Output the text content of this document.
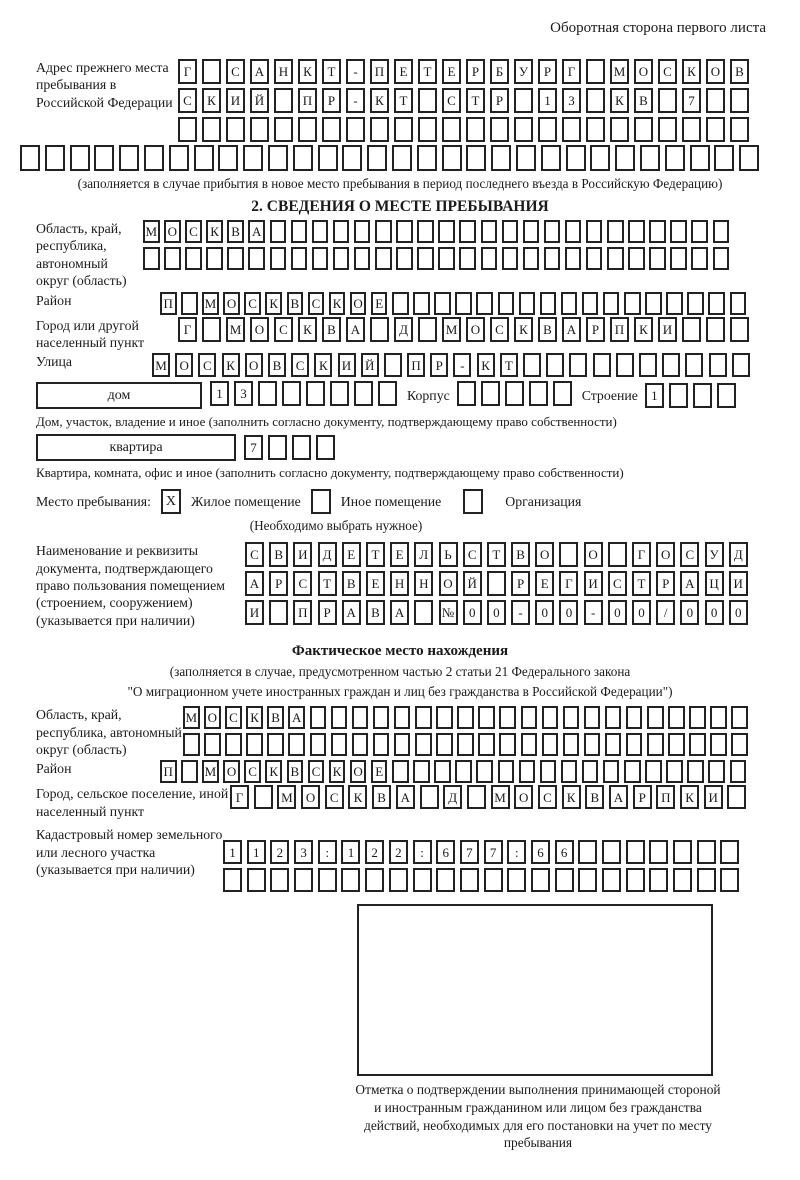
Оборотная сторона первого листа
Адрес прежнего места пребывания в Российской Федерации
Г	С	А	Н	К	Т	-	П	Е	Т	Е	Р	Б	У	Р	Г	М	О	С	К	О	В
С	К	И	Й	П	Р	-	К	Т	С	Т	Р	1	3	К	В	7
(заполняется в случае прибытия в новое место пребывания в период последнего въезда в Российскую Федерацию)
2. СВЕДЕНИЯ О МЕСТЕ ПРЕБЫВАНИЯ
Область, край, республика, автономный округ (область)
М О С К В А
Район	П М О С К В С К О Е
Город или другой населенный пункт
Г	М	О	С	К	В	А	Д	М	О	С	К	В	А	Р	П	К	И
Улица	М О	С	К	О	В	С	К	И	Й	П	Р	-	К	Т
дом	1	3	Корпус	Строение	1
Дом, участок, владение и иное (заполнить согласно документу, подтверждающему право собственности)
квартира	7
Квартира, комната, офис и иное (заполнить согласно документу, подтверждающему право собственности)
Место пребывания:	X	Жилое помещение	Иное помещение	Организация
(Необходимо выбрать нужное)
Наименование и реквизиты документа, подтверждающего право пользования помещением (строением, сооружением) (указывается при наличии)
С	В	И	Д	Е	Т	Е	Л	Ь	С	Т	В	О	О	Г	О	С	У	Д
А	Р	С	Т	В	Е	Н	Н	О	Й	Р	Е	Г	И	С	Т	Р	А	Ц	И
И	П	Р	А	В	А	№	0	0	-	0	0	-	0	0	/	0	0	0
Фактическое место нахождения
(заполняется в случае, предусмотренном частью 2 статьи 21 Федерального закона
"О миграционном учете иностранных граждан и лиц без гражданства в Российской Федерации")
Область, край, республика, автономный округ (область)
М О С К В А
Район	П М О С К В С К О Е
Город, сельское поселение, иной населенный пункт
Г	М	О	С	К	В	А	Д	М	О	С	К	В	А	Р	П	К	И
Кадастровый номер земельного или лесного участка (указывается при наличии)
1	1	2	3	:	1	2	2	:	6	7	7	:	6	6
Отметка о подтверждении выполнения принимающей стороной и иностранным гражданином или лицом без гражданства действий, необходимых для его постановки на учет по месту пребывания
